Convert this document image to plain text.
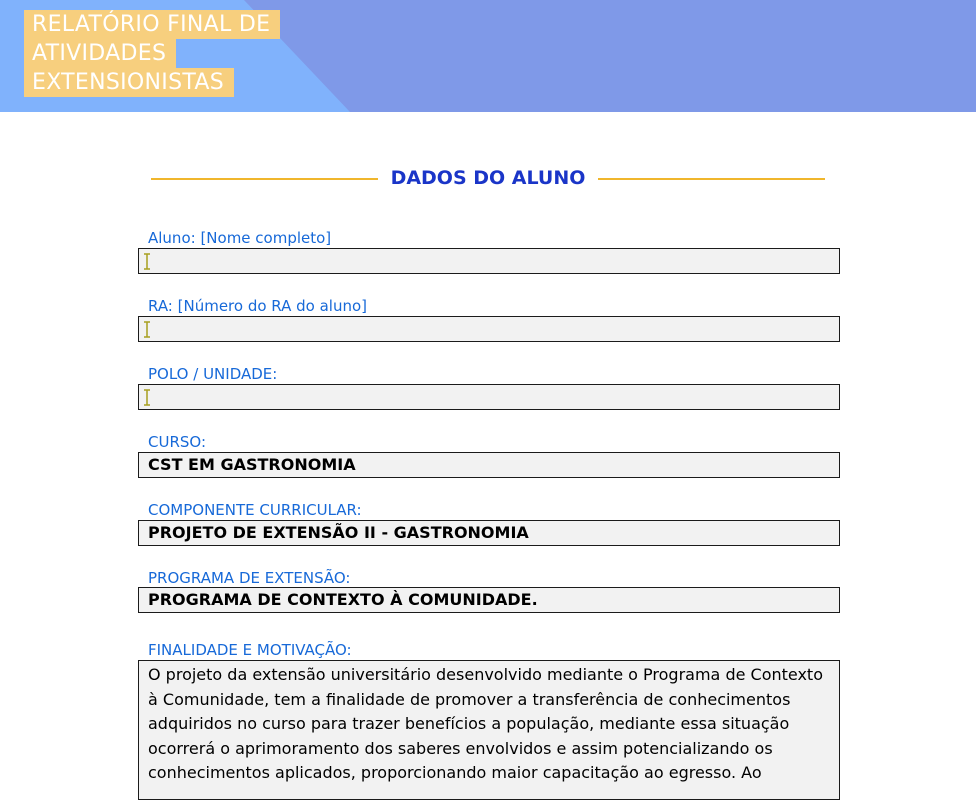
RELATÓRIO FINAL DE
ATIVIDADES
EXTENSIONISTAS
DADOS DO ALUNO
Aluno: [Nome completo]
RA: [Número do RA do aluno]
POLO / UNIDADE:
CURSO:
CST EM GASTRONOMIA
COMPONENTE CURRICULAR:
PROJETO DE EXTENSÃO II - GASTRONOMIA
PROGRAMA DE EXTENSÃO:
PROGRAMA DE CONTEXTO À COMUNIDADE.
FINALIDADE E MOTIVAÇÃO:
O projeto da extensão universitário desenvolvido mediante o Programa de Contexto à Comunidade, tem a finalidade de promover a transferência de conhecimentos adquiridos no curso para trazer benefícios a população, mediante essa situação ocorrerá o aprimoramento dos saberes envolvidos e assim potencializando os conhecimentos aplicados, proporcionando maior capacitação ao egresso. Ao
